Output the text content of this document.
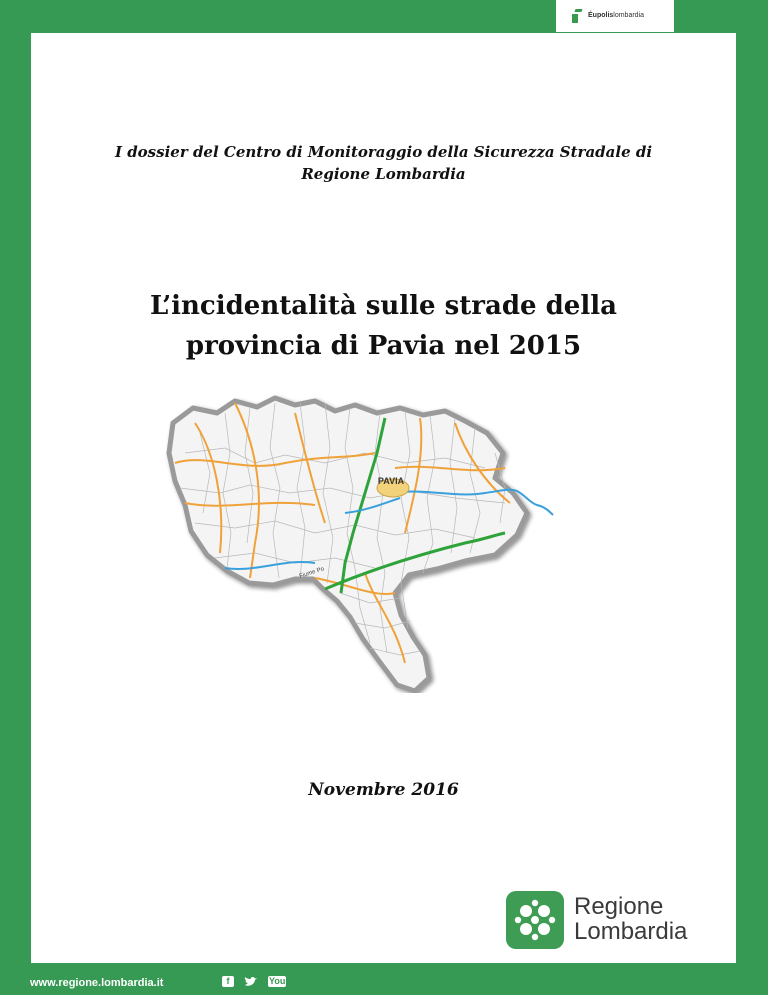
Éupolislombardia
I dossier del Centro di Monitoraggio della Sicurezza Stradale di
Regione Lombardia
L’incidentalità sulle strade della
provincia di Pavia nel 2015
PAVIA
Fiume Po
Novembre 2016
Regione
Lombardia
www.regione.lombardia.it	f	You
